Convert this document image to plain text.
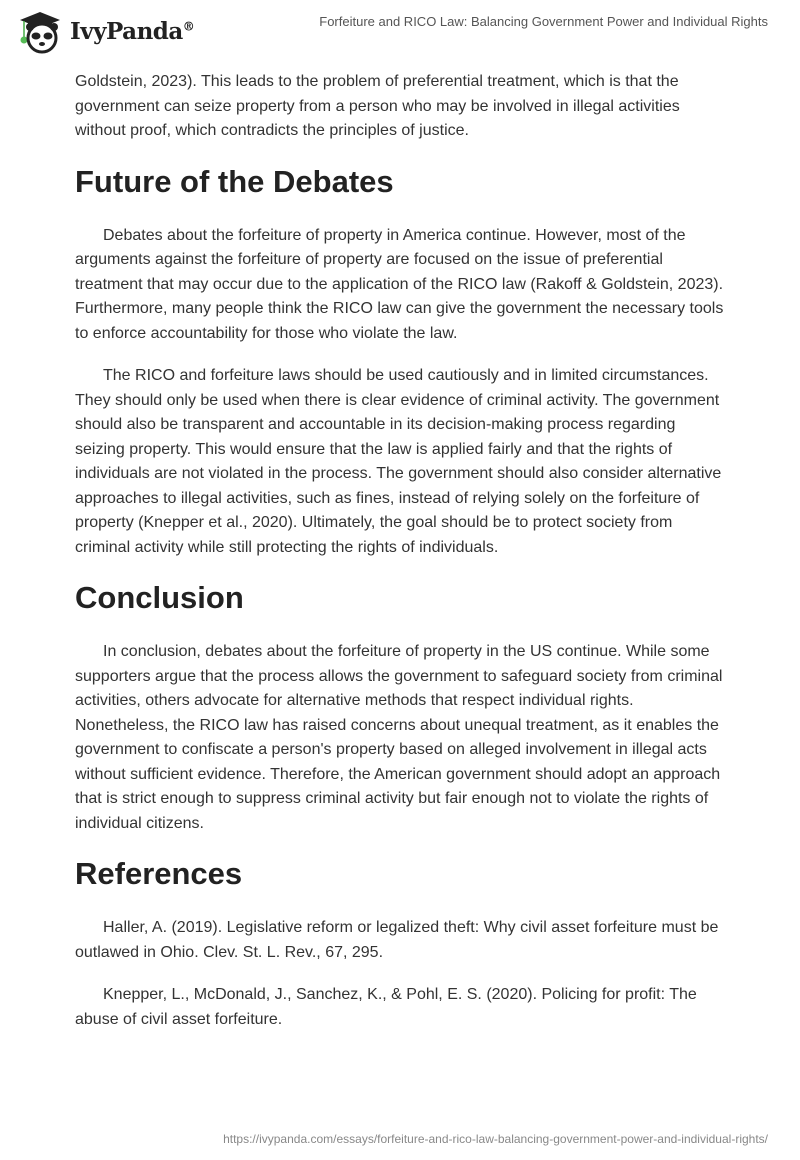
IvyPanda®	Forfeiture and RICO Law: Balancing Government Power and Individual Rights

Goldstein, 2023). This leads to the problem of preferential treatment, which is that the government can seize property from a person who may be involved in illegal activities without proof, which contradicts the principles of justice.

Future of the Debates

Debates about the forfeiture of property in America continue. However, most of the arguments against the forfeiture of property are focused on the issue of preferential treatment that may occur due to the application of the RICO law (Rakoff & Goldstein, 2023). Furthermore, many people think the RICO law can give the government the necessary tools to enforce accountability for those who violate the law.

The RICO and forfeiture laws should be used cautiously and in limited circumstances. They should only be used when there is clear evidence of criminal activity. The government should also be transparent and accountable in its decision-making process regarding seizing property. This would ensure that the law is applied fairly and that the rights of individuals are not violated in the process. The government should also consider alternative approaches to illegal activities, such as fines, instead of relying solely on the forfeiture of property (Knepper et al., 2020). Ultimately, the goal should be to protect society from criminal activity while still protecting the rights of individuals.

Conclusion

In conclusion, debates about the forfeiture of property in the US continue. While some supporters argue that the process allows the government to safeguard society from criminal activities, others advocate for alternative methods that respect individual rights. Nonetheless, the RICO law has raised concerns about unequal treatment, as it enables the government to confiscate a person's property based on alleged involvement in illegal acts without sufficient evidence. Therefore, the American government should adopt an approach that is strict enough to suppress criminal activity but fair enough not to violate the rights of individual citizens.

References

Haller, A. (2019). Legislative reform or legalized theft: Why civil asset forfeiture must be outlawed in Ohio. Clev. St. L. Rev., 67, 295.

Knepper, L., McDonald, J., Sanchez, K., & Pohl, E. S. (2020). Policing for profit: The abuse of civil asset forfeiture.

https://ivypanda.com/essays/forfeiture-and-rico-law-balancing-government-power-and-individual-rights/
